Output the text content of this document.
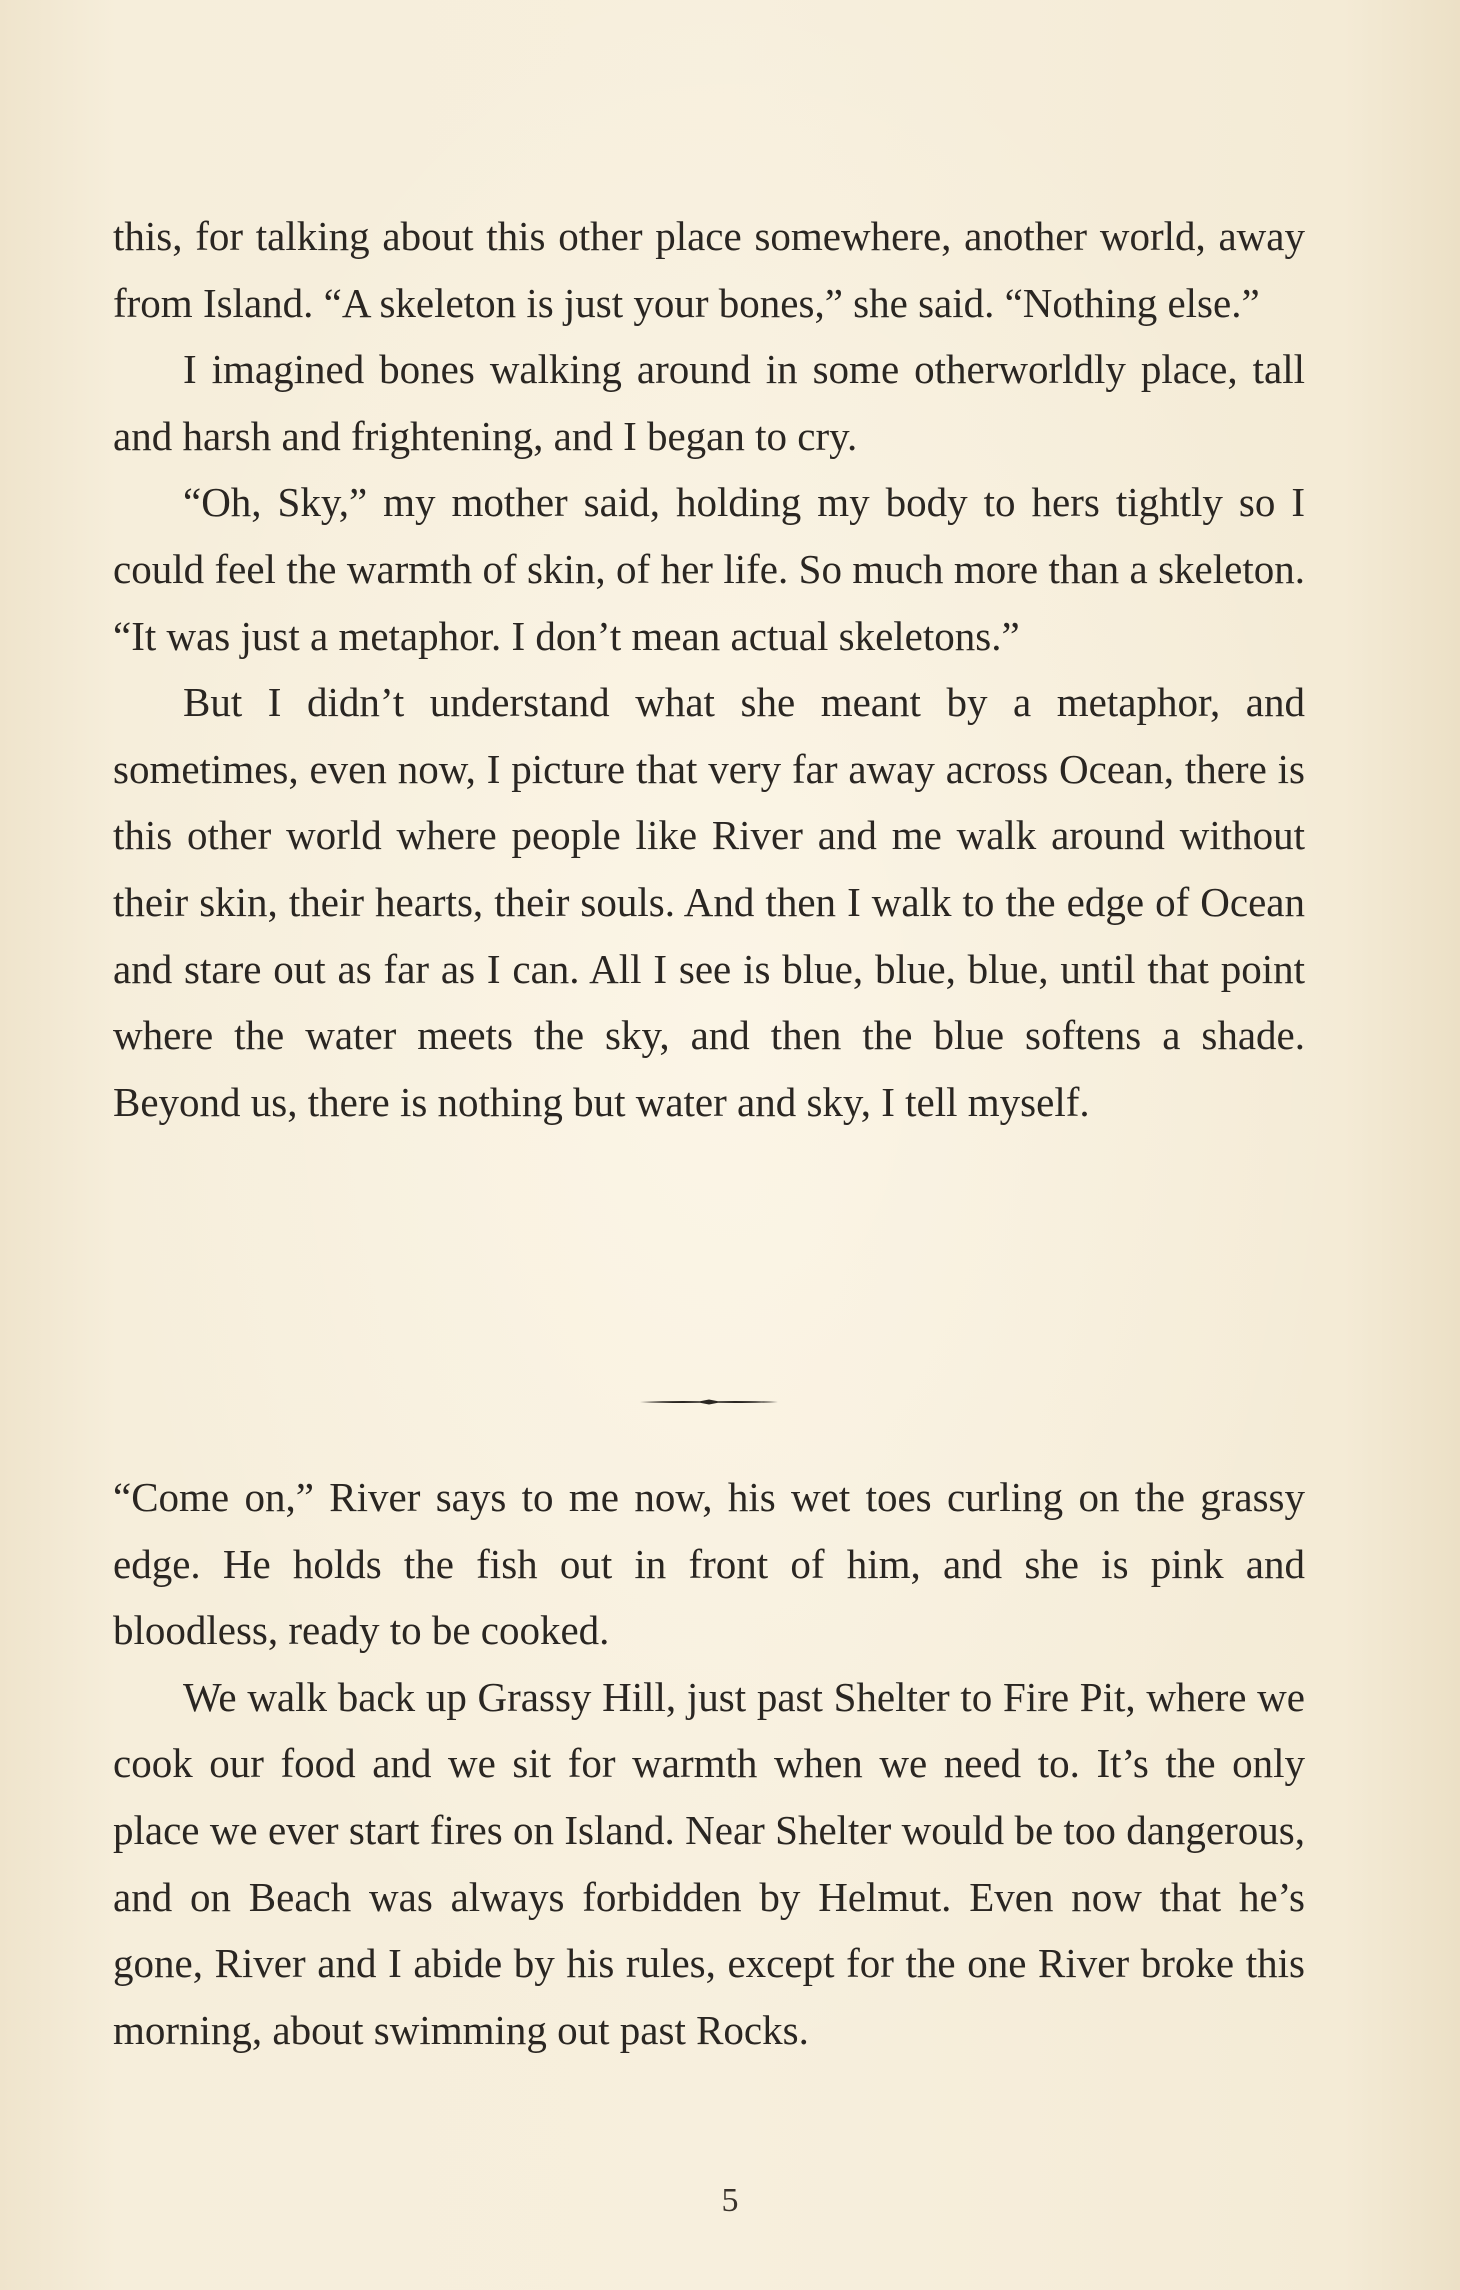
this, for talking about this other place somewhere, another world, away from Island. “A skeleton is just your bones,” she said. “Nothing else.”

I imagined bones walking around in some otherworldly place, tall and harsh and frightening, and I began to cry.

“Oh, Sky,” my mother said, holding my body to hers tightly so I could feel the warmth of skin, of her life. So much more than a skeleton. “It was just a metaphor. I don’t mean actual skeletons.”

But I didn’t understand what she meant by a metaphor, and sometimes, even now, I picture that very far away across Ocean, there is this other world where people like River and me walk around without their skin, their hearts, their souls. And then I walk to the edge of Ocean and stare out as far as I can. All I see is blue, blue, blue, until that point where the water meets the sky, and then the blue softens a shade. Beyond us, there is nothing but water and sky, I tell myself.

“Come on,” River says to me now, his wet toes curling on the grassy edge. He holds the fish out in front of him, and she is pink and bloodless, ready to be cooked.

We walk back up Grassy Hill, just past Shelter to Fire Pit, where we cook our food and we sit for warmth when we need to. It’s the only place we ever start fires on Island. Near Shelter would be too dangerous, and on Beach was always forbidden by Helmut. Even now that he’s gone, River and I abide by his rules, except for the one River broke this morning, about swimming out past Rocks.

5
